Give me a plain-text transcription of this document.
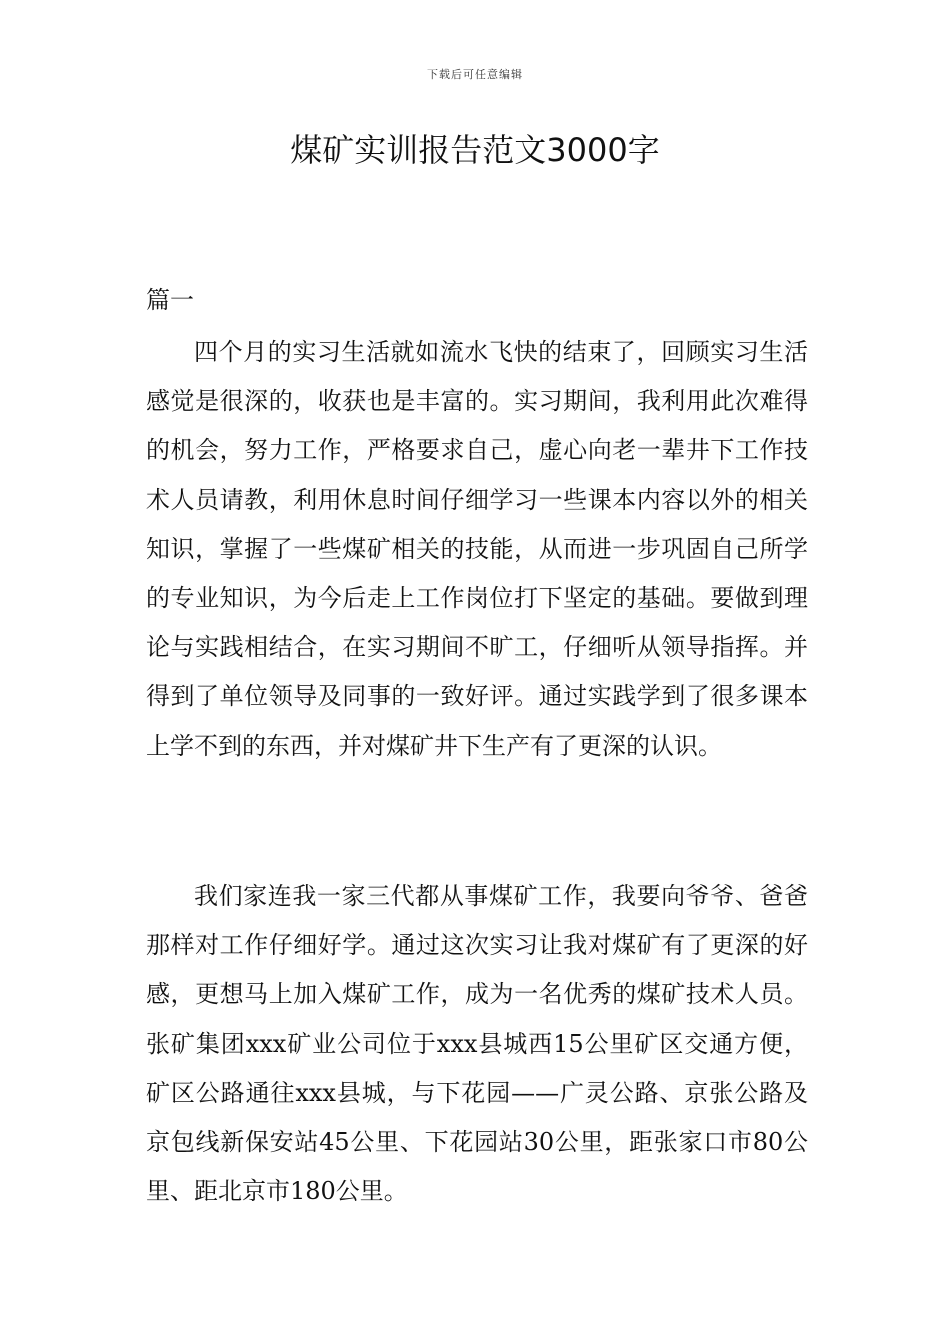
下载后可任意编辑
煤矿实训报告范文3000字
篇一

四个月的实习生活就如流水飞快的结束了，回顾实习生活感觉是很深的，收获也是丰富的。实习期间，我利用此次难得的机会，努力工作，严格要求自己，虚心向老一辈井下工作技术人员请教，利用休息时间仔细学习一些课本内容以外的相关知识，掌握了一些煤矿相关的技能，从而进一步巩固自己所学的专业知识，为今后走上工作岗位打下坚定的基础。要做到理论与实践相结合，在实习期间不旷工，仔细听从领导指挥。并得到了单位领导及同事的一致好评。通过实践学到了很多课本上学不到的东西，并对煤矿井下生产有了更深的认识。

我们家连我一家三代都从事煤矿工作，我要向爷爷、爸爸那样对工作仔细好学。通过这次实习让我对煤矿有了更深的好感，更想马上加入煤矿工作，成为一名优秀的煤矿技术人员。张矿集团xxx矿业公司位于xxx县城西15公里矿区交通方便，矿区公路通往xxx县城，与下花园——广灵公路、京张公路及京包线新保安站45公里、下花园站30公里，距张家口市80公里、距北京市180公里。
